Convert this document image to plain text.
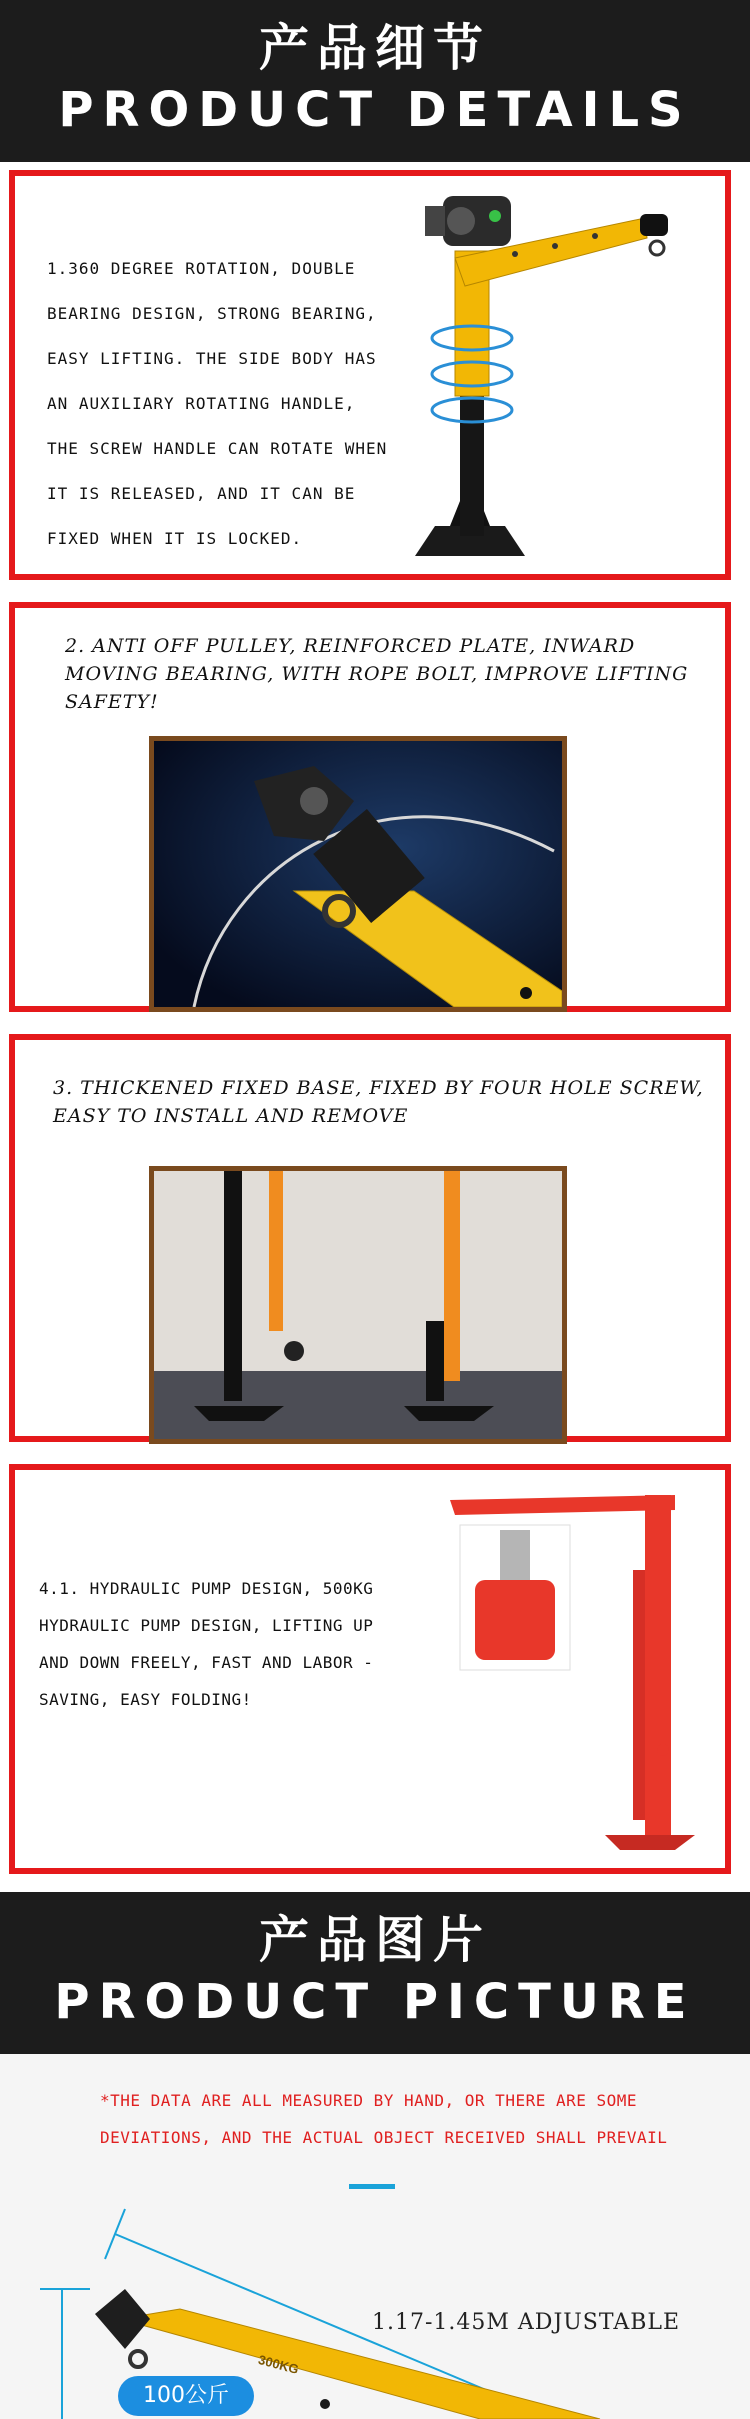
产品细节
PRODUCT DETAILS
1.360 DEGREE ROTATION, DOUBLE BEARING DESIGN, STRONG BEARING, EASY LIFTING. THE SIDE BODY HAS AN AUXILIARY ROTATING HANDLE, THE SCREW HANDLE CAN ROTATE WHEN IT IS RELEASED, AND IT CAN BE FIXED WHEN IT IS LOCKED.
2. ANTI OFF PULLEY, REINFORCED PLATE, INWARD MOVING BEARING, WITH ROPE BOLT, IMPROVE LIFTING SAFETY!
3. THICKENED FIXED BASE, FIXED BY FOUR HOLE SCREW, EASY TO INSTALL AND REMOVE
4.1. HYDRAULIC PUMP DESIGN, 500KG HYDRAULIC PUMP DESIGN, LIFTING UP AND DOWN FREELY, FAST AND LABOR -SAVING, EASY FOLDING!
产品图片
PRODUCT PICTURE
*THE DATA ARE ALL MEASURED BY HAND, OR THERE ARE SOME DEVIATIONS, AND THE ACTUAL OBJECT RECEIVED SHALL PREVAIL
300KG
1.17-1.45M ADJUSTABLE
100公斤
